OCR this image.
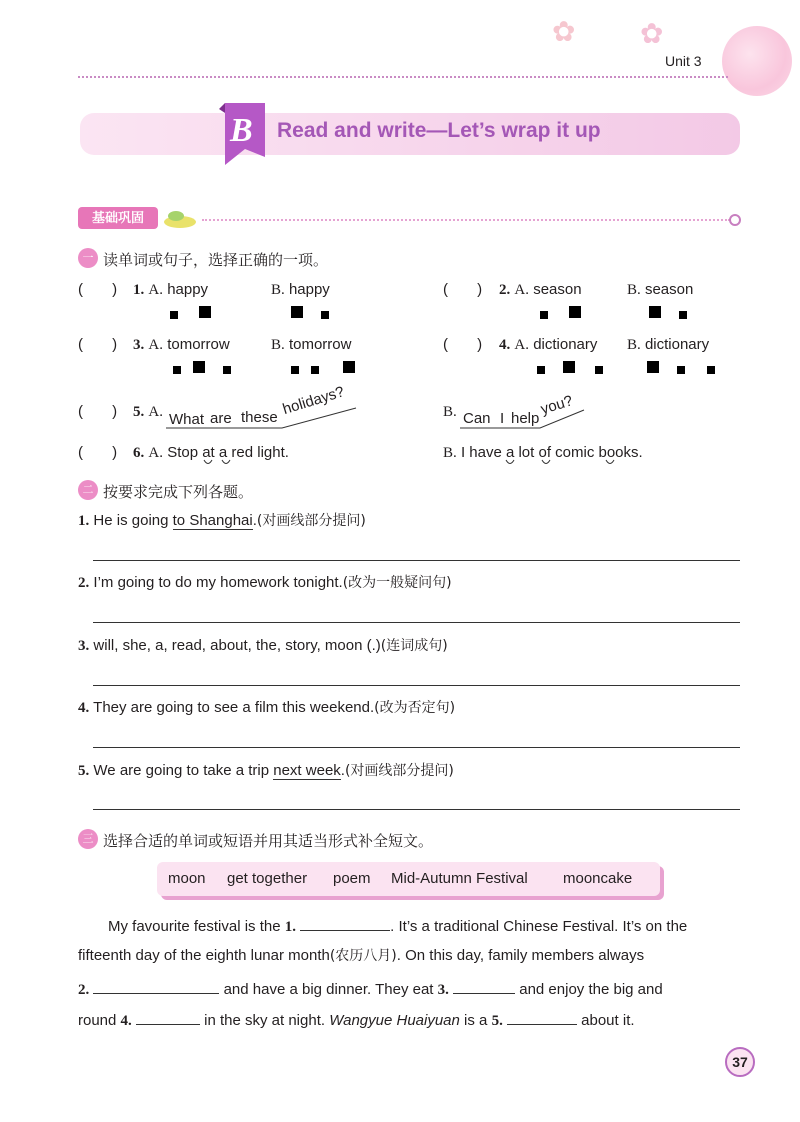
✿ ✿
Unit 3
B Read and write—Let’s wrap it up
基础巩固
一 读单词或句子，选择正确的一项。
(       ) 1. A. happy	B. happy	(       ) 2. A. season	B. season
(       ) 3. A. tomorrow	B. tomorrow	(       ) 4. A. dictionary B. dictionary
(       ) 5. A. What are these holidays?	B. Can I help
you?
(       ) 6. A. Stop at a red light.	B. I have a lot of comic books.
二 按要求完成下列各题。
1. He is going to Shanghai.(对画线部分提问)
2. I’m going to do my homework tonight.(改为一般疑问句)
3. will, she, a, read, about, the, story, moon (.)(连词成句)
4. They are going to see a film this weekend.(改为否定句)
5. We are going to take a trip next week.(对画线部分提问)
三 选择合适的单词或短语并用其适当形式补全短文。
moon get together poem Mid-Autumn Festival mooncake
My favourite festival is the 1.	. It’s a traditional Chinese Festival. It’s on the
fifteenth day of the eighth lunar month(农历八月). On this day, family members always
2.	and have a big dinner. They eat 3.	and enjoy the big and
round 4.	in the sky at night. Wangyue Huaiyuan is a 5.	about it.
37
